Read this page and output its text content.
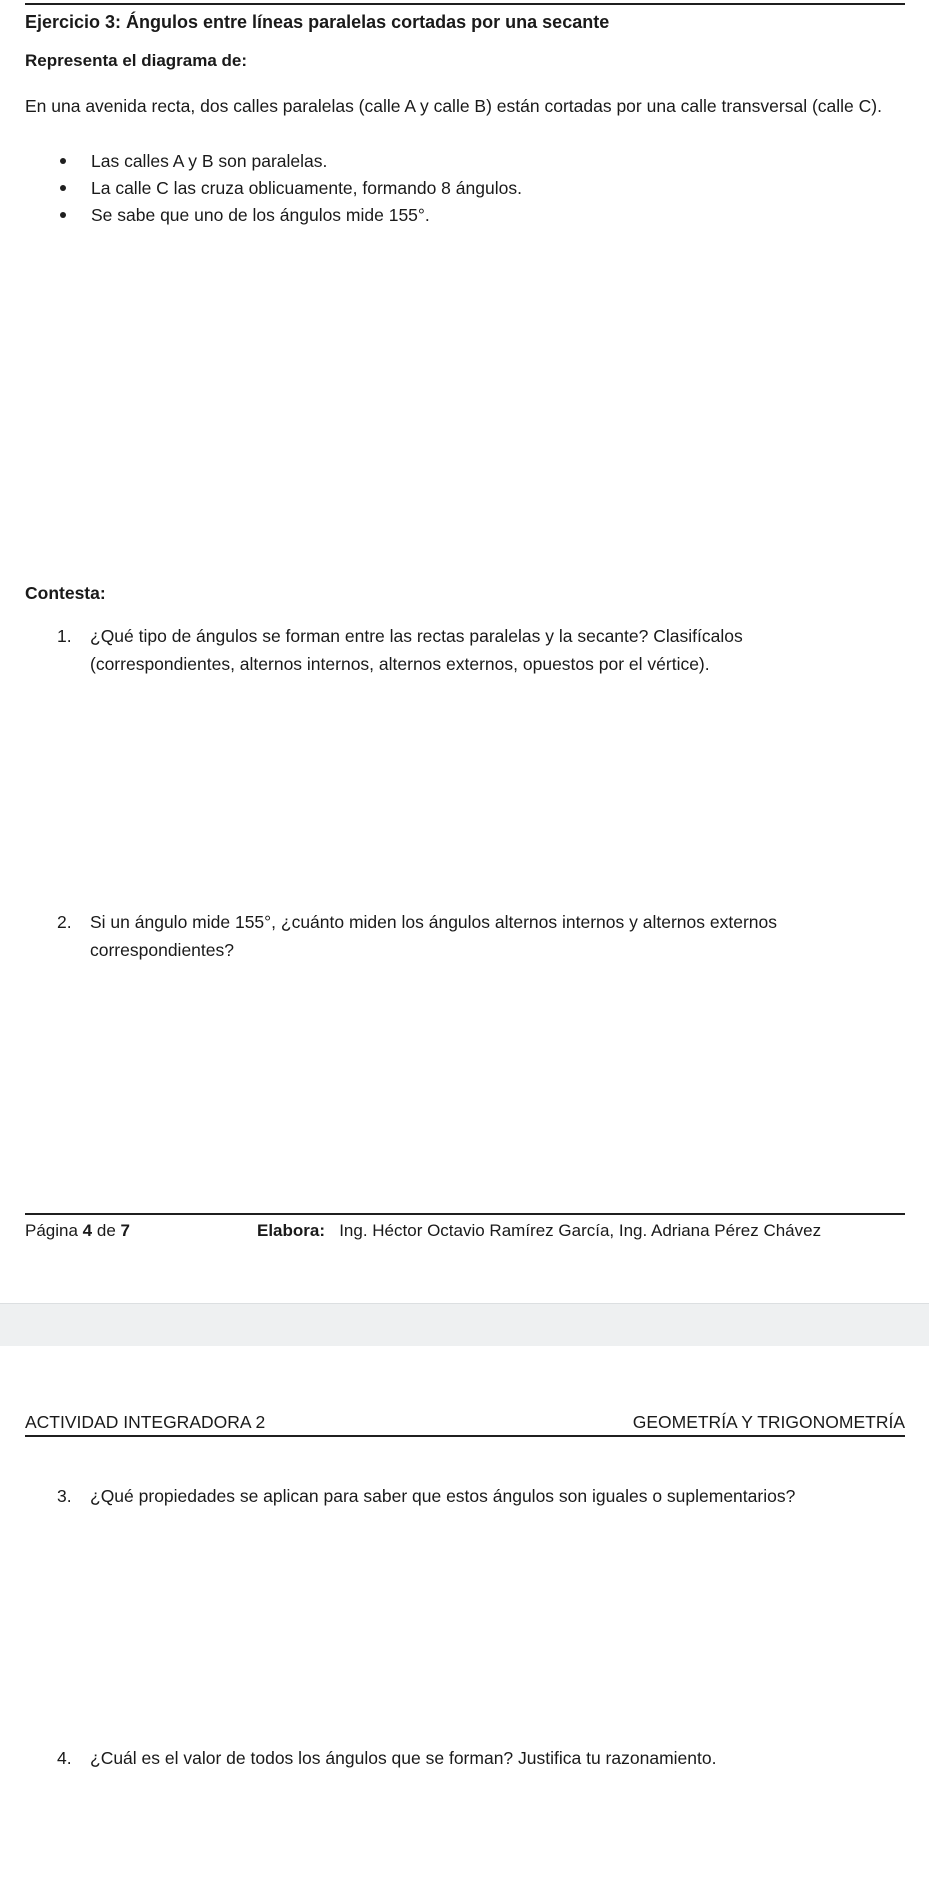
Ejercicio 3: Ángulos entre líneas paralelas cortadas por una secante
Representa el diagrama de:
En una avenida recta, dos calles paralelas (calle A y calle B) están cortadas por una calle transversal (calle C).
Las calles A y B son paralelas.
La calle C las cruza oblicuamente, formando 8 ángulos.
Se sabe que uno de los ángulos mide 155°.
Contesta:
1. ¿Qué tipo de ángulos se forman entre las rectas paralelas y la secante? Clasifícalos (correspondientes, alternos internos, alternos externos, opuestos por el vértice).
2. Si un ángulo mide 155°, ¿cuánto miden los ángulos alternos internos y alternos externos correspondientes?
Página 4 de 7	Elabora: Ing. Héctor Octavio Ramírez García, Ing. Adriana Pérez Chávez
ACTIVIDAD INTEGRADORA 2	GEOMETRÍA Y TRIGONOMETRÍA
3. ¿Qué propiedades se aplican para saber que estos ángulos son iguales o suplementarios?
4. ¿Cuál es el valor de todos los ángulos que se forman? Justifica tu razonamiento.
